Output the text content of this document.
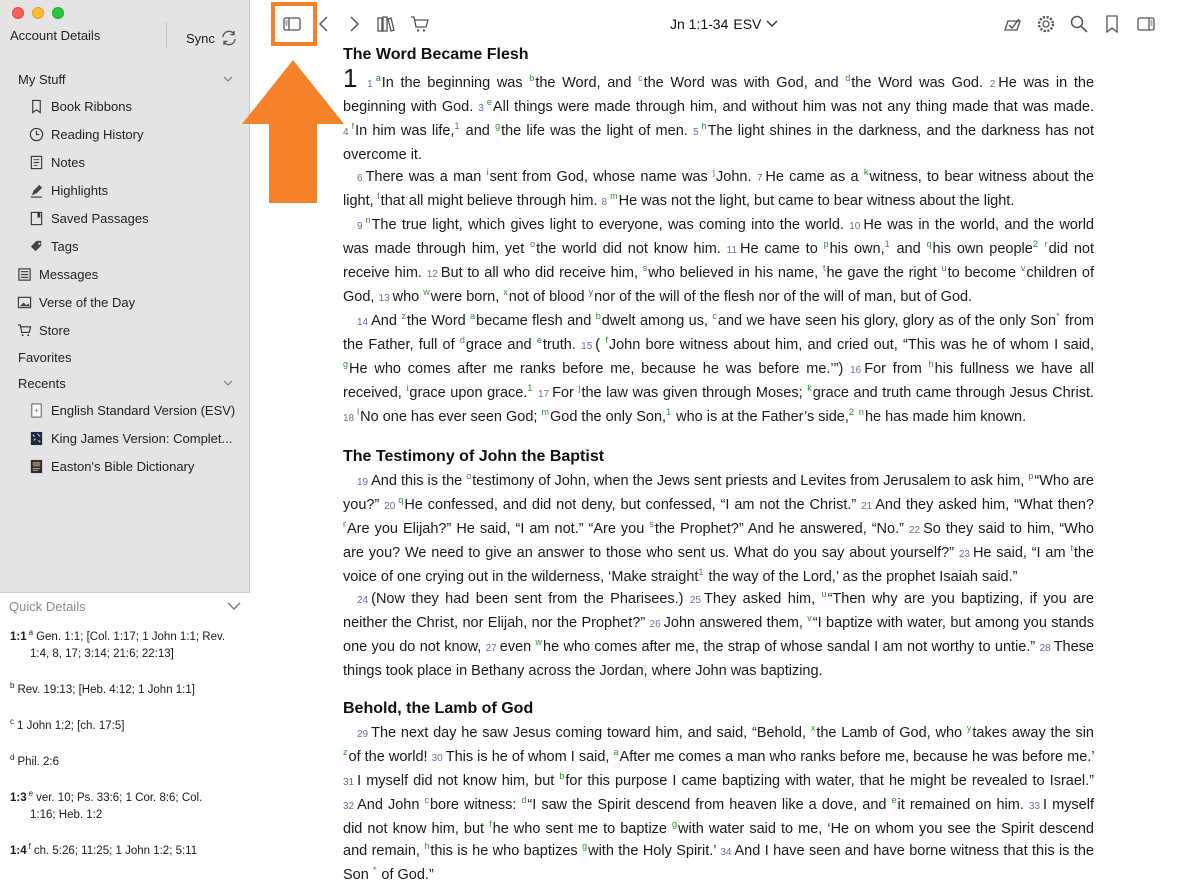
Account Details	Sync
My Stuff
Book Ribbons
Reading History
Notes
Highlights
Saved Passages
Tags
Messages
Verse of the Day
Store
Favorites
Recents
English Standard Version (ESV)
King James Version: Complet...
Easton's Bible Dictionary
Quick Details
1:1 $^a$ Gen. 1:1; [Col. 1:17; 1 John 1:1; Rev.
1:4, 8, 17; 3:14; 21:6; 22:13]
$^b$ Rev. 19:13; [Heb. 4:12; 1 John 1:1]
$^c$ 1 John 1:2; [ch. 17:5]
$^d$ Phil. 2:6
1:3 $^e$ ver. 10; Ps. 33:6; 1 Cor. 8:6; Col.
1:16; Heb. 1:2
1:4 $^f$ ch. 5:26; 11:25; 1 John 1:2; 5:11
Jn 1:1-34 ESV
The Word Became Flesh

1 1$^a$In the beginning was $^b$the Word, and $^c$the Word was with God, and $^d$the Word was God. 2 He was in the beginning with God. 3eAll things were made through him, and without him was not any thing made that was made. 4$^f$In him was life,$^1$ and $^g$the life was the light of men. 5$^h$The light shines in the darkness, and the darkness has not overcome it.

6 There was a man $^i$sent from God, whose name was $^j$John. 7 He came as a $^k$witness, to bear witness about the light, $^l$that all might believe through him. 8$^m$He was not the light, but came to bear witness about the light.

9$^n$The true light, which gives light to everyone, was coming into the world. 10 He was in the world, and the world was made through him, yet $^o$the world did not know him. 11 He came to $^p$his own,$^1$ and $^q$his own people$^2$ $^r$did not receive him. 12 But to all who did receive him, $^s$who believed in his name, $^t$he gave the right $^u$to become $^v$children of God, 13 who $^w$were born, $^x$not of blood $^y$nor of the will of the flesh nor of the will of man, but of God.

14 And $^z$the Word $^a$became flesh and $^b$dwelt among us, $^c$and we have seen his glory, glory as of the only Son* from the Father, full of $^d$grace and $^e$truth. 15 ( $^f$John bore witness about him, and cried out, “This was he of whom I said, $^g$He who comes after me ranks before me, because he was before me.’”) 16 For from $^h$his fullness we have all received, $^i$grace upon grace.$^1$ 17 For $^j$the law was given through Moses; $^k$grace and truth came through Jesus Christ. 18$^l$No one has ever seen God; $^m$God the only Son,$^1$ who is at the Father’s side,$^2$ $^n$he has made him known.

The Testimony of John the Baptist

19 And this is the $^o$testimony of John, when the Jews sent priests and Levites from Jerusalem to ask him, $^p$“Who are you?” 20$^q$He confessed, and did not deny, but confessed, “I am not the Christ.” 21 And they asked him, “What then? $^r$Are you Elijah?” He said, “I am not.” “Are you $^s$the Prophet?” And he answered, “No.” 22 So they said to him, “Who are you? We need to give an answer to those who sent us. What do you say about yourself?” 23 He said, “I am $^t$the voice of one crying out in the wilderness, ‘Make straight$^1$ the way of the Lord,’ as the prophet Isaiah said.”

24 (Now they had been sent from the Pharisees.) 25 They asked him, $^u$“Then why are you baptizing, if you are neither the Christ, nor Elijah, nor the Prophet?” 26 John answered them, $^v$“I baptize with water, but among you stands one you do not know, 27 even $^w$he who comes after me, the strap of whose sandal I am not worthy to untie.” 28 These things took place in Bethany across the Jordan, where John was baptizing.

Behold, the Lamb of God

29 The next day he saw Jesus coming toward him, and said, “Behold, $^x$the Lamb of God, who $^y$takes away the sin $^z$of the world! 30 This is he of whom I said, $^a$After me comes a man who ranks before me, because he was before me.’ 31 I myself did not know him, but $^b$for this purpose I came baptizing with water, that he might be revealed to Israel.” 32 And John $^c$bore witness: $^d$“I saw the Spirit descend from heaven like a dove, and $^e$it remained on him. 33 I myself did not know him, but $^f$he who sent me to baptize $^g$with water said to me, ‘He on whom you see the Spirit descend and remain, $^h$this is he who baptizes $^g$with the Holy Spirit.’ 34 And I have seen and have borne witness that this is the Son * of God.”
